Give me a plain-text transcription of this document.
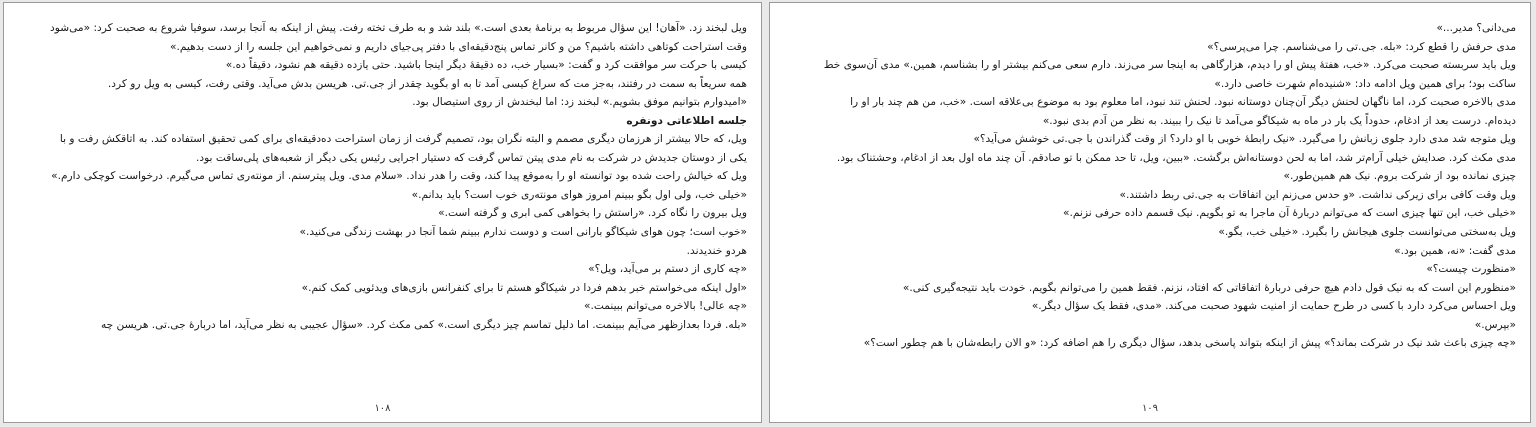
ویل لبخند زد. «آهان! این سؤال مربوط به برنامهٔ بعدی است.» بلند شد و به طرف تخته رفت. پیش از اینکه به آنجا برسد، سوفیا شروع به صحبت کرد: «می‌شود
وقت استراحت کوتاهی داشته باشیم؟ من و کانر تماس پنج‌دقیقه‌ای با دفتر پی‌جیای داریم و نمی‌خواهیم این جلسه را از دست بدهیم.»
کیسی با حرکت سر موافقت کرد و گفت: «بسیار خب، ده دقیقهٔ دیگر اینجا باشید. حتی یازده دقیقه هم نشود، دقیقاً ده.»
همه سریعاً به سمت در رفتند، به‌جز مت که سراغ کیسی آمد تا به او بگوید چقدر از جی.تی. هریسن بدش می‌آید. وقتی رفت، کیسی به ویل رو کرد.
«امیدوارم بتوانیم موفق بشویم.» لبخند زد: اما لبخندش از روی استیصال بود.
جلسه اطلاعاتی دونفره
ویل، که حالا بیشتر از هرزمان دیگری مصمم و البته نگران بود، تصمیم گرفت از زمان استراحت ده‌دقیقه‌ای برای کمی تحقیق استفاده کند. به اتاقکش رفت و با
یکی از دوستان جدیدش در شرکت به نام مدی پیتن تماس گرفت که دستیار اجرایی رئیس یکی دیگر از شعبه‌های پلی‌ساقت بود.
ویل که خیالش راحت شده بود توانسته او را به‌موقع پیدا کند، وقت را هدر نداد. «سلام مدی. ویل پیترسنم. از مونتەری تماس می‌گیرم. درخواست کوچکی دارم.»
«خیلی خب، ولی اول بگو ببینم امروز هوای مونتەری خوب است؟ باید بدانم.»
ویل بیرون را نگاه کرد. «راستش را بخواهی کمی ابری و گرفته است.»
«خوب است؛ چون هوای شیکاگو بارانی است و دوست ندارم ببینم شما آنجا در بهشت زندگی می‌کنید.»
هردو خندیدند.
«چه کاری از دستم بر می‌آید، ویل؟»
«اول اینکه می‌خواستم خبر بدهم فردا در شیکاگو هستم تا برای کنفرانس بازی‌های ویدئویی کمک کنم.»
«چه عالی! بالاخره می‌توانم ببینمت.»
«بله. فردا بعدازظهر می‌آیم ببینمت. اما دلیل تماسم چیز دیگری است.» کمی مکث کرد. «سؤال عجیبی به نظر می‌آید، اما دربارهٔ جی.تی. هریسن چه
۱۰۸
می‌دانی؟ مدیر...»
مدی حرفش را قطع کرد: «بله. جی.تی را می‌شناسم. چرا می‌پرسی؟»
ویل باید سربسته صحبت می‌کرد. «خب، هفتهٔ پیش او را دیدم، هزارگاهی به اینجا سر می‌زند. دارم سعی می‌کنم بیشتر او را بشناسم، همین.» مدی آن‌سوی خط
ساکت بود؛ برای همین ویل ادامه داد: «شنیده‌ام شهرت خاصی دارد.»
مدی بالاخره صحبت کرد، اما ناگهان لحنش دیگر آن‌چنان دوستانه نبود. لحنش تند نبود، اما معلوم بود به موضوع بی‌علاقه است. «خب، من هم چند بار او را
دیده‌ام. درست بعد از ادغام، حدوداً یک بار در ماه به شیکاگو می‌آمد تا نیک را ببیند. به نظر من آدم بدی نبود.»
ویل متوجه شد مدی دارد جلوی زبانش را می‌گیرد. «نیک رابطهٔ خوبی با او دارد؟ از وقت گذراندن با جی.تی خوشش می‌آید؟»
مدی مکث کرد. صدایش خیلی آرام‌تر شد، اما به لحن دوستانه‌اش برگشت. «ببین، ویل، تا حد ممکن با تو صادقم. آن چند ماه اول بعد از ادغام، وحشتناک بود.
چیزی نمانده بود از شرکت بروم. نیک هم همین‌طور.»
ویل وقت کافی برای زیرکی نداشت. «و حدس می‌زنم این اتفاقات به جی.تی ربط داشتند.»
«خیلی خب، این تنها چیزی است که می‌توانم دربارهٔ آن ماجرا به تو بگویم. نیک قسمم داده حرفی نزنم.»
ویل به‌سختی می‌توانست جلوی هیجانش را بگیرد. «خیلی خب، بگو.»
مدی گفت: «نه، همین بود.»
«منظورت چیست؟»
«منظورم این است که به نیک قول دادم هیچ حرفی دربارهٔ اتفاقاتی که افتاد، نزنم. فقط همین را می‌توانم بگویم. خودت باید نتیجه‌گیری کنی.»
ویل احساس می‌کرد دارد با کسی در طرح حمایت از امنیت شهود صحبت می‌کند. «مدی، فقط یک سؤال دیگر.»
«بپرس.»
«چه چیزی باعث شد نیک در شرکت بماند؟» پیش از اینکه بتواند پاسخی بدهد، سؤال دیگری را هم اضافه کرد: «و الان رابطه‌شان با هم چطور است؟»
۱۰۹
